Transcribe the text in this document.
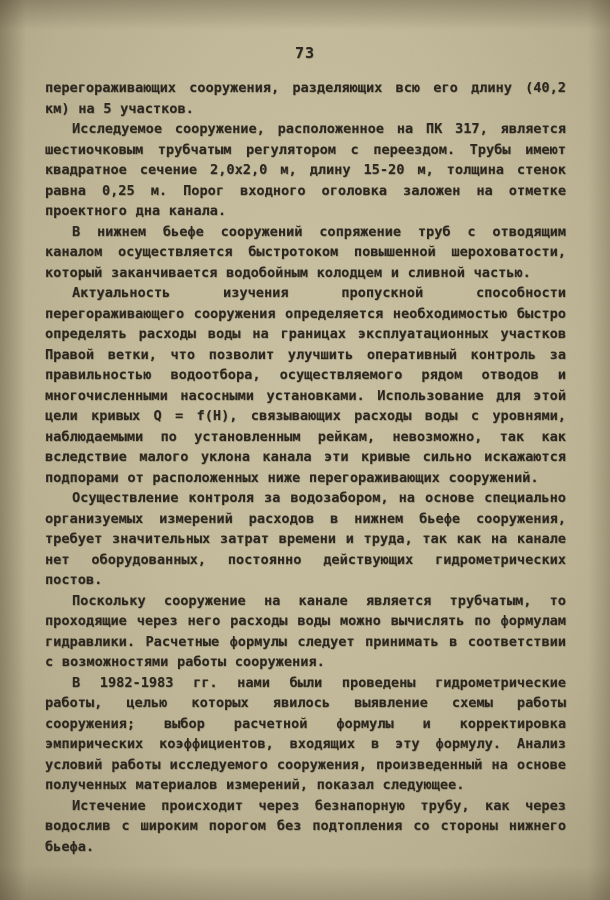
73

перегораживающих сооружения, разделяющих всю его длину (40,2 км) на 5 участков.

Исследуемое сооружение, расположенное на ПК 317, является шестиочковым трубчатым регулятором с переездом. Трубы имеют квадратное сечение 2,0х2,0 м, длину 15-20 м, толщина стенок равна 0,25 м. Порог входного оголовка заложен на отметке проектного дна канала.

В нижнем бьефе сооружений сопряжение труб с отводящим каналом осуществляется быстротоком повышенной шероховатости, который заканчивается водобойным колодцем и сливной частью.

Актуальность изучения пропускной способности перегораживающего сооружения определяется необходимостью быстро определять расходы воды на границах эксплуатационных участков Правой ветки, что позволит улучшить оперативный контроль за правильностью водоотбора, осуществляемого рядом отводов и многочисленными насосными установками. Использование для этой цели кривых Q = f(H), связывающих расходы воды с уровнями, наблюдаемыми по установленным рейкам, невозможно, так как вследствие малого уклона канала эти кривые сильно искажаются подпорами от расположенных ниже перегораживающих сооружений.

Осуществление контроля за водозабором, на основе специально организуемых измерений расходов в нижнем бьефе сооружения, требует значительных затрат времени и труда, так как на канале нет оборудованных, постоянно действующих гидрометрических постов.

Поскольку сооружение на канале является трубчатым, то проходящие через него расходы воды можно вычислять по формулам гидравлики. Расчетные формулы следует принимать в соответствии с возможностями работы сооружения.

В 1982-1983 гг. нами были проведены гидрометрические работы, целью которых явилось выявление схемы работы сооружения; выбор расчетной формулы и корректировка эмпирических коэффициентов, входящих в эту формулу. Анализ условий работы исследуемого сооружения, произведенный на основе полученных материалов измерений, показал следующее.

Истечение происходит через безнапорную трубу, как через водослив с широким порогом без подтопления со стороны нижнего бьефа.
